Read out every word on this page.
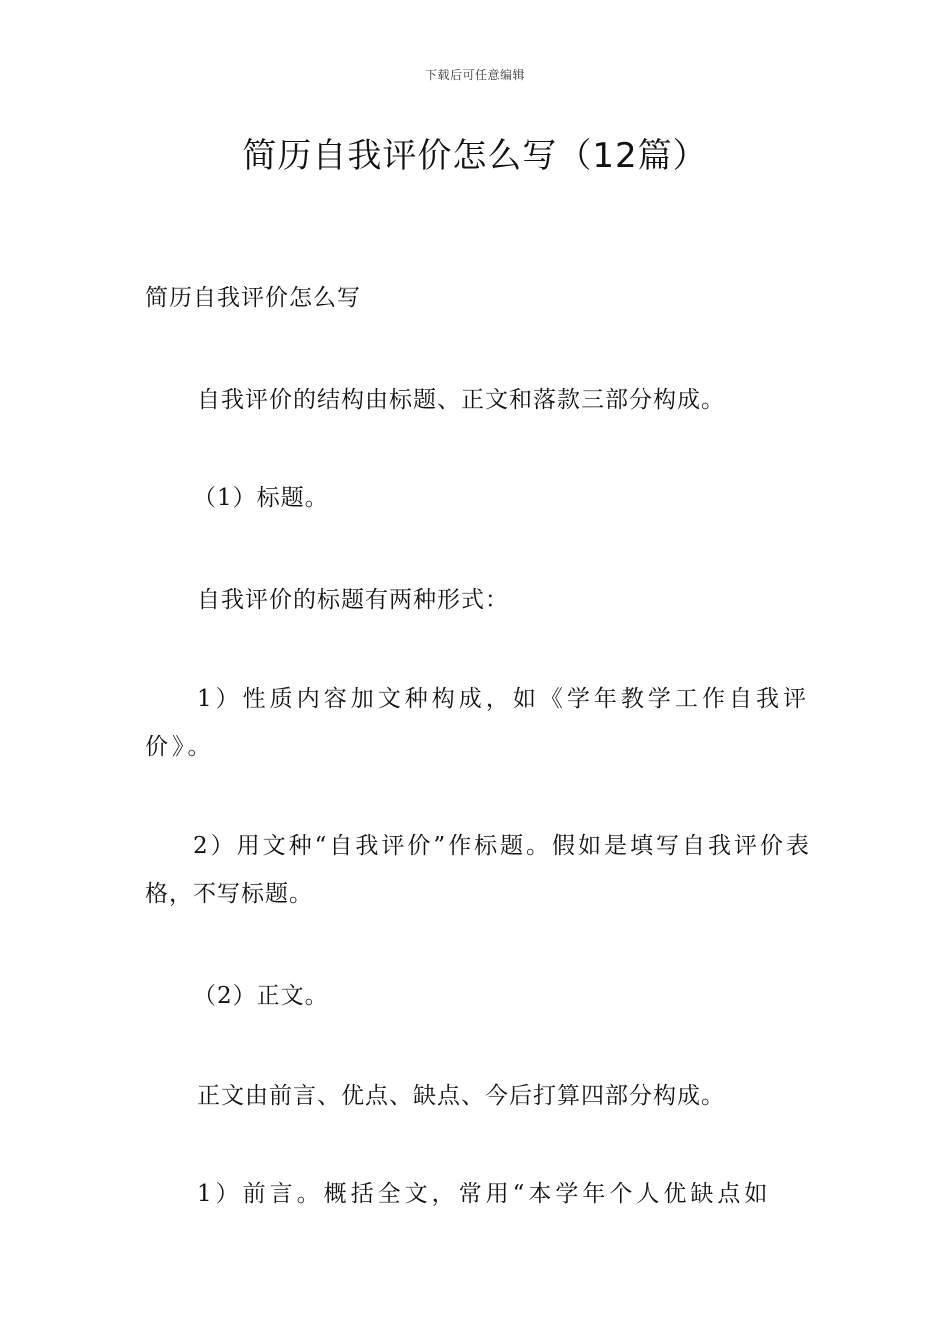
下载后可任意编辑
简历自我评价怎么写（12篇）

简历自我评价怎么写

自我评价的结构由标题、正文和落款三部分构成。

（1）标题。

自我评价的标题有两种形式：

1）性质内容加文种构成，如《学年教学工作自我评价》。

2）用文种“自我评价”作标题。假如是填写自我评价表格，不写标题。

（2）正文。

正文由前言、优点、缺点、今后打算四部分构成。

1）前言。概括全文，常用“本学年个人优缺点如
